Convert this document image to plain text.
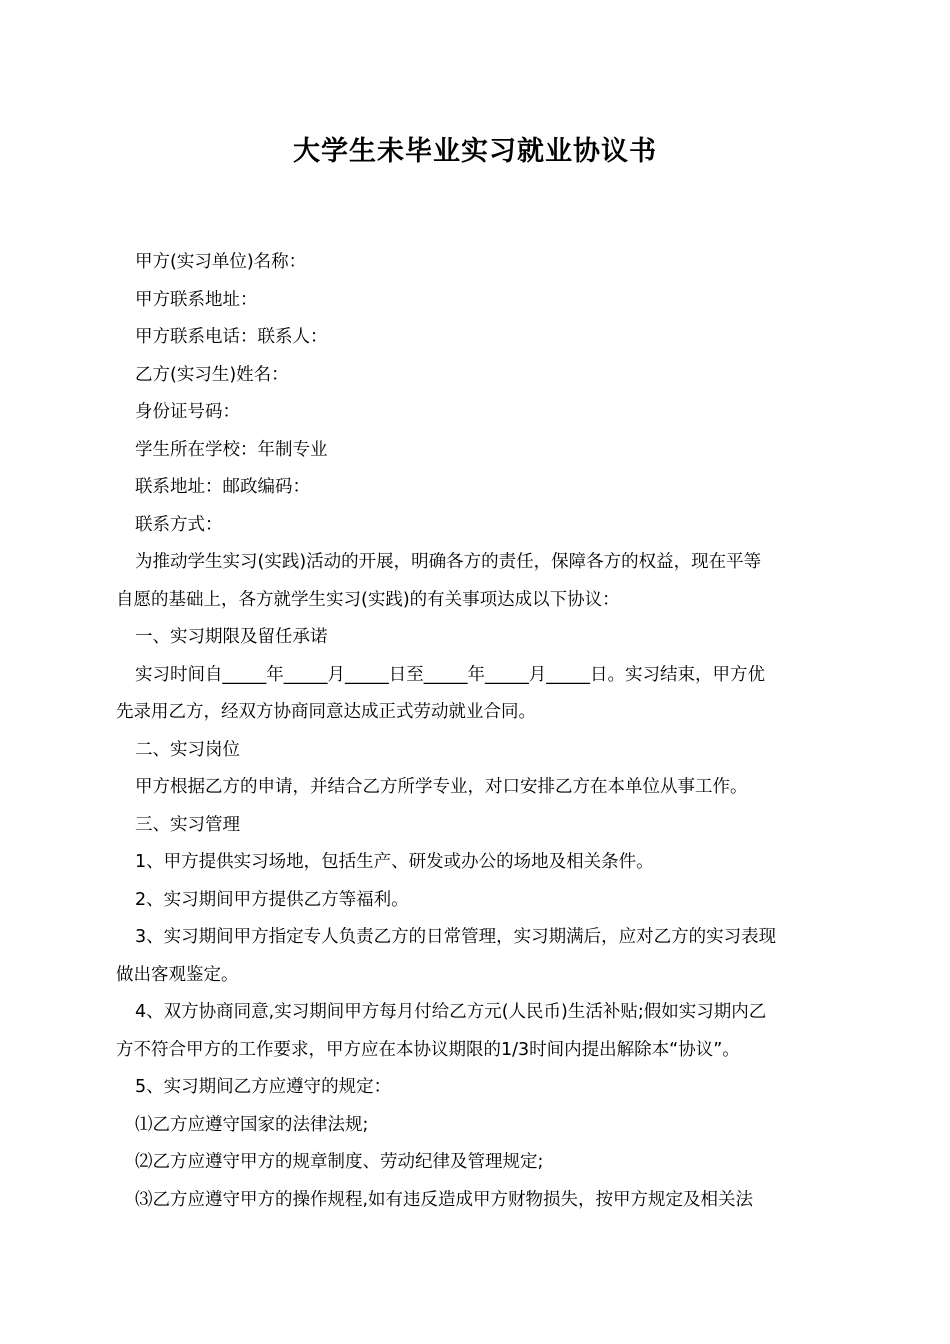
大学生未毕业实习就业协议书
甲方(实习单位)名称：
甲方联系地址：
甲方联系电话：联系人：
乙方(实习生)姓名：
身份证号码：
学生所在学校：年制专业
联系地址：邮政编码：
联系方式：
为推动学生实习(实践)活动的开展，明确各方的责任，保障各方的权益，现在平等
自愿的基础上，各方就学生实习(实践)的有关事项达成以下协议：
一、实习期限及留任承诺
实习时间自_____年_____月_____日至_____年_____月_____日。实习结束，甲方优
先录用乙方，经双方协商同意达成正式劳动就业合同。
二、实习岗位
甲方根据乙方的申请，并结合乙方所学专业，对口安排乙方在本单位从事工作。
三、实习管理
1、甲方提供实习场地，包括生产、研发或办公的场地及相关条件。
2、实习期间甲方提供乙方等福利。
3、实习期间甲方指定专人负责乙方的日常管理，实习期满后，应对乙方的实习表现
做出客观鉴定。
4、双方协商同意,实习期间甲方每月付给乙方元(人民币)生活补贴;假如实习期内乙
方不符合甲方的工作要求，甲方应在本协议期限的1/3时间内提出解除本“协议”。
5、实习期间乙方应遵守的规定：
⑴乙方应遵守国家的法律法规;
⑵乙方应遵守甲方的规章制度、劳动纪律及管理规定;
⑶乙方应遵守甲方的操作规程,如有违反造成甲方财物损失，按甲方规定及相关法
